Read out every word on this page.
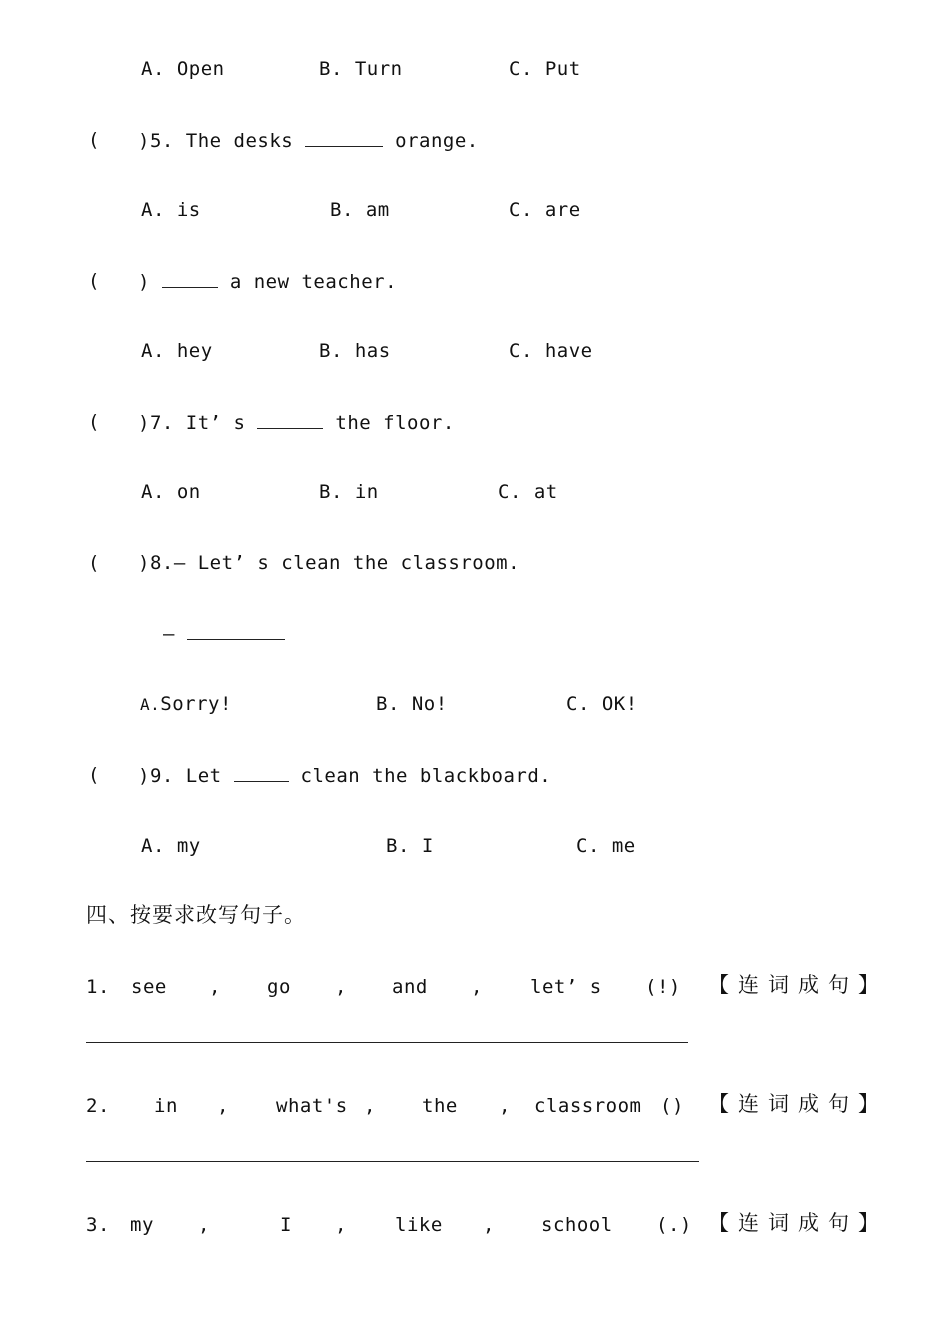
A. Open	B. Turn	C. Put
( )5. The desks	orange.
A. is	B. am	C. are
( )	a new teacher.
A. hey	B. has	C. have
( )7. It’ s	the floor.
A. on	B. in	C. at
( )8.— Let’ s clean the classroom.
—
A.Sorry!	B. No!	C. OK!
( )9. Let	clean the blackboard.
A. my	B. I	C. me
四、按要求改写句子。
1. see , go , and , let’ s (!) 【连词成句】
2. in , what's , the , classroom () 【连词成句】
3. my ,	I ,	like , school (.) 【连词成句】
